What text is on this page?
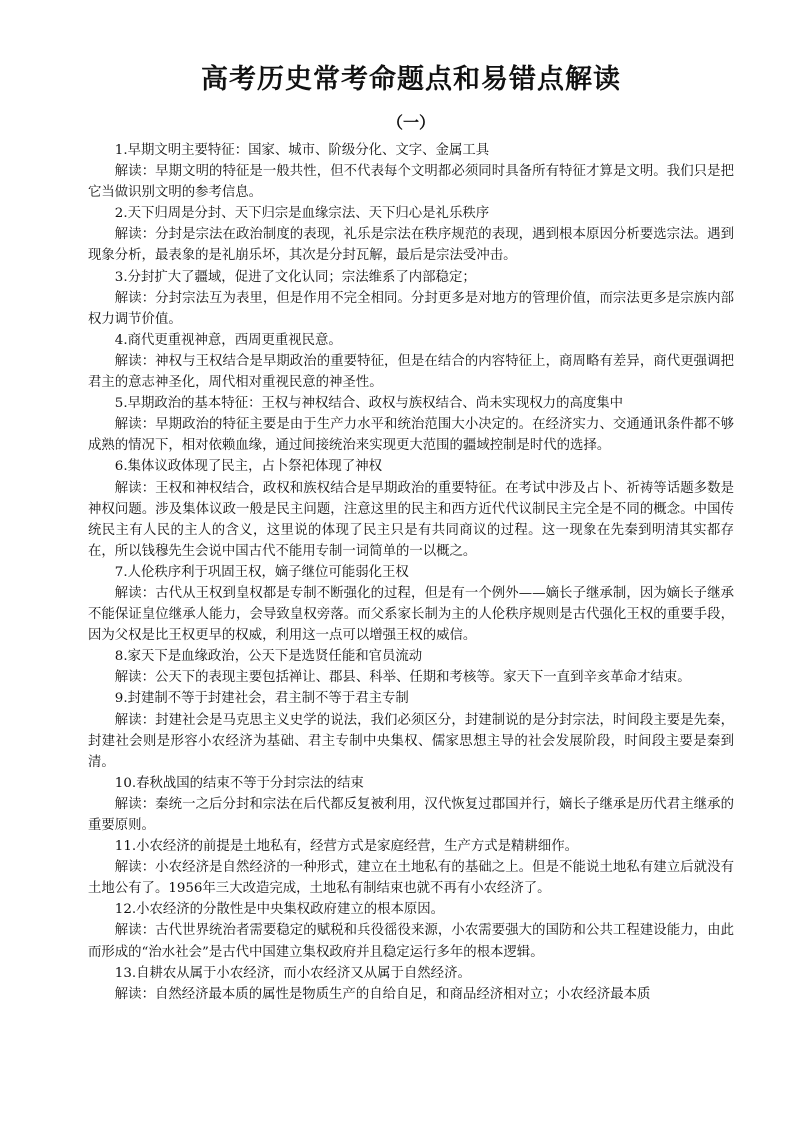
高考历史常考命题点和易错点解读
（一）

1.早期文明主要特征：国家、城市、阶级分化、文字、金属工具

解读：早期文明的特征是一般共性，但不代表每个文明都必须同时具备所有特征才算是文明。我们只是把它当做识别文明的参考信息。

2.天下归周是分封、天下归宗是血缘宗法、天下归心是礼乐秩序

解读：分封是宗法在政治制度的表现，礼乐是宗法在秩序规范的表现，遇到根本原因分析要选宗法。遇到现象分析，最表象的是礼崩乐坏，其次是分封瓦解，最后是宗法受冲击。

3.分封扩大了疆域，促进了文化认同；宗法维系了内部稳定；

解读：分封宗法互为表里，但是作用不完全相同。分封更多是对地方的管理价值，而宗法更多是宗族内部权力调节价值。

4.商代更重视神意，西周更重视民意。

解读：神权与王权结合是早期政治的重要特征，但是在结合的内容特征上，商周略有差异，商代更强调把君主的意志神圣化，周代相对重视民意的神圣性。

5.早期政治的基本特征：王权与神权结合、政权与族权结合、尚未实现权力的高度集中

解读：早期政治的特征主要是由于生产力水平和统治范围大小决定的。在经济实力、交通通讯条件都不够成熟的情况下，相对依赖血缘，通过间接统治来实现更大范围的疆域控制是时代的选择。

6.集体议政体现了民主，占卜祭祀体现了神权

解读：王权和神权结合，政权和族权结合是早期政治的重要特征。在考试中涉及占卜、祈祷等话题多数是神权问题。涉及集体议政一般是民主问题，注意这里的民主和西方近代代议制民主完全是不同的概念。中国传统民主有人民的主人的含义，这里说的体现了民主只是有共同商议的过程。这一现象在先秦到明清其实都存在，所以钱穆先生会说中国古代不能用专制一词简单的一以概之。

7.人伦秩序利于巩固王权，嫡子继位可能弱化王权

解读：古代从王权到皇权都是专制不断强化的过程，但是有一个例外——嫡长子继承制，因为嫡长子继承不能保证皇位继承人能力，会导致皇权旁落。而父系家长制为主的人伦秩序规则是古代强化王权的重要手段，因为父权是比王权更早的权威，利用这一点可以增强王权的威信。

8.家天下是血缘政治，公天下是选贤任能和官员流动

解读：公天下的表现主要包括禅让、郡县、科举、任期和考核等。家天下一直到辛亥革命才结束。

9.封建制不等于封建社会，君主制不等于君主专制

解读：封建社会是马克思主义史学的说法，我们必须区分，封建制说的是分封宗法，时间段主要是先秦，封建社会则是形容小农经济为基础、君主专制中央集权、儒家思想主导的社会发展阶段，时间段主要是秦到清。

10.春秋战国的结束不等于分封宗法的结束

解读：秦统一之后分封和宗法在后代都反复被利用，汉代恢复过郡国并行，嫡长子继承是历代君主继承的重要原则。

11.小农经济的前提是土地私有，经营方式是家庭经营，生产方式是精耕细作。

解读：小农经济是自然经济的一种形式，建立在土地私有的基础之上。但是不能说土地私有建立后就没有土地公有了。1956年三大改造完成，土地私有制结束也就不再有小农经济了。

12.小农经济的分散性是中央集权政府建立的根本原因。

解读：古代世界统治者需要稳定的赋税和兵役徭役来源，小农需要强大的国防和公共工程建设能力，由此而形成的“治水社会”是古代中国建立集权政府并且稳定运行多年的根本逻辑。

13.自耕农从属于小农经济，而小农经济又从属于自然经济。

解读：自然经济最本质的属性是物质生产的自给自足，和商品经济相对立；小农经济最本质
